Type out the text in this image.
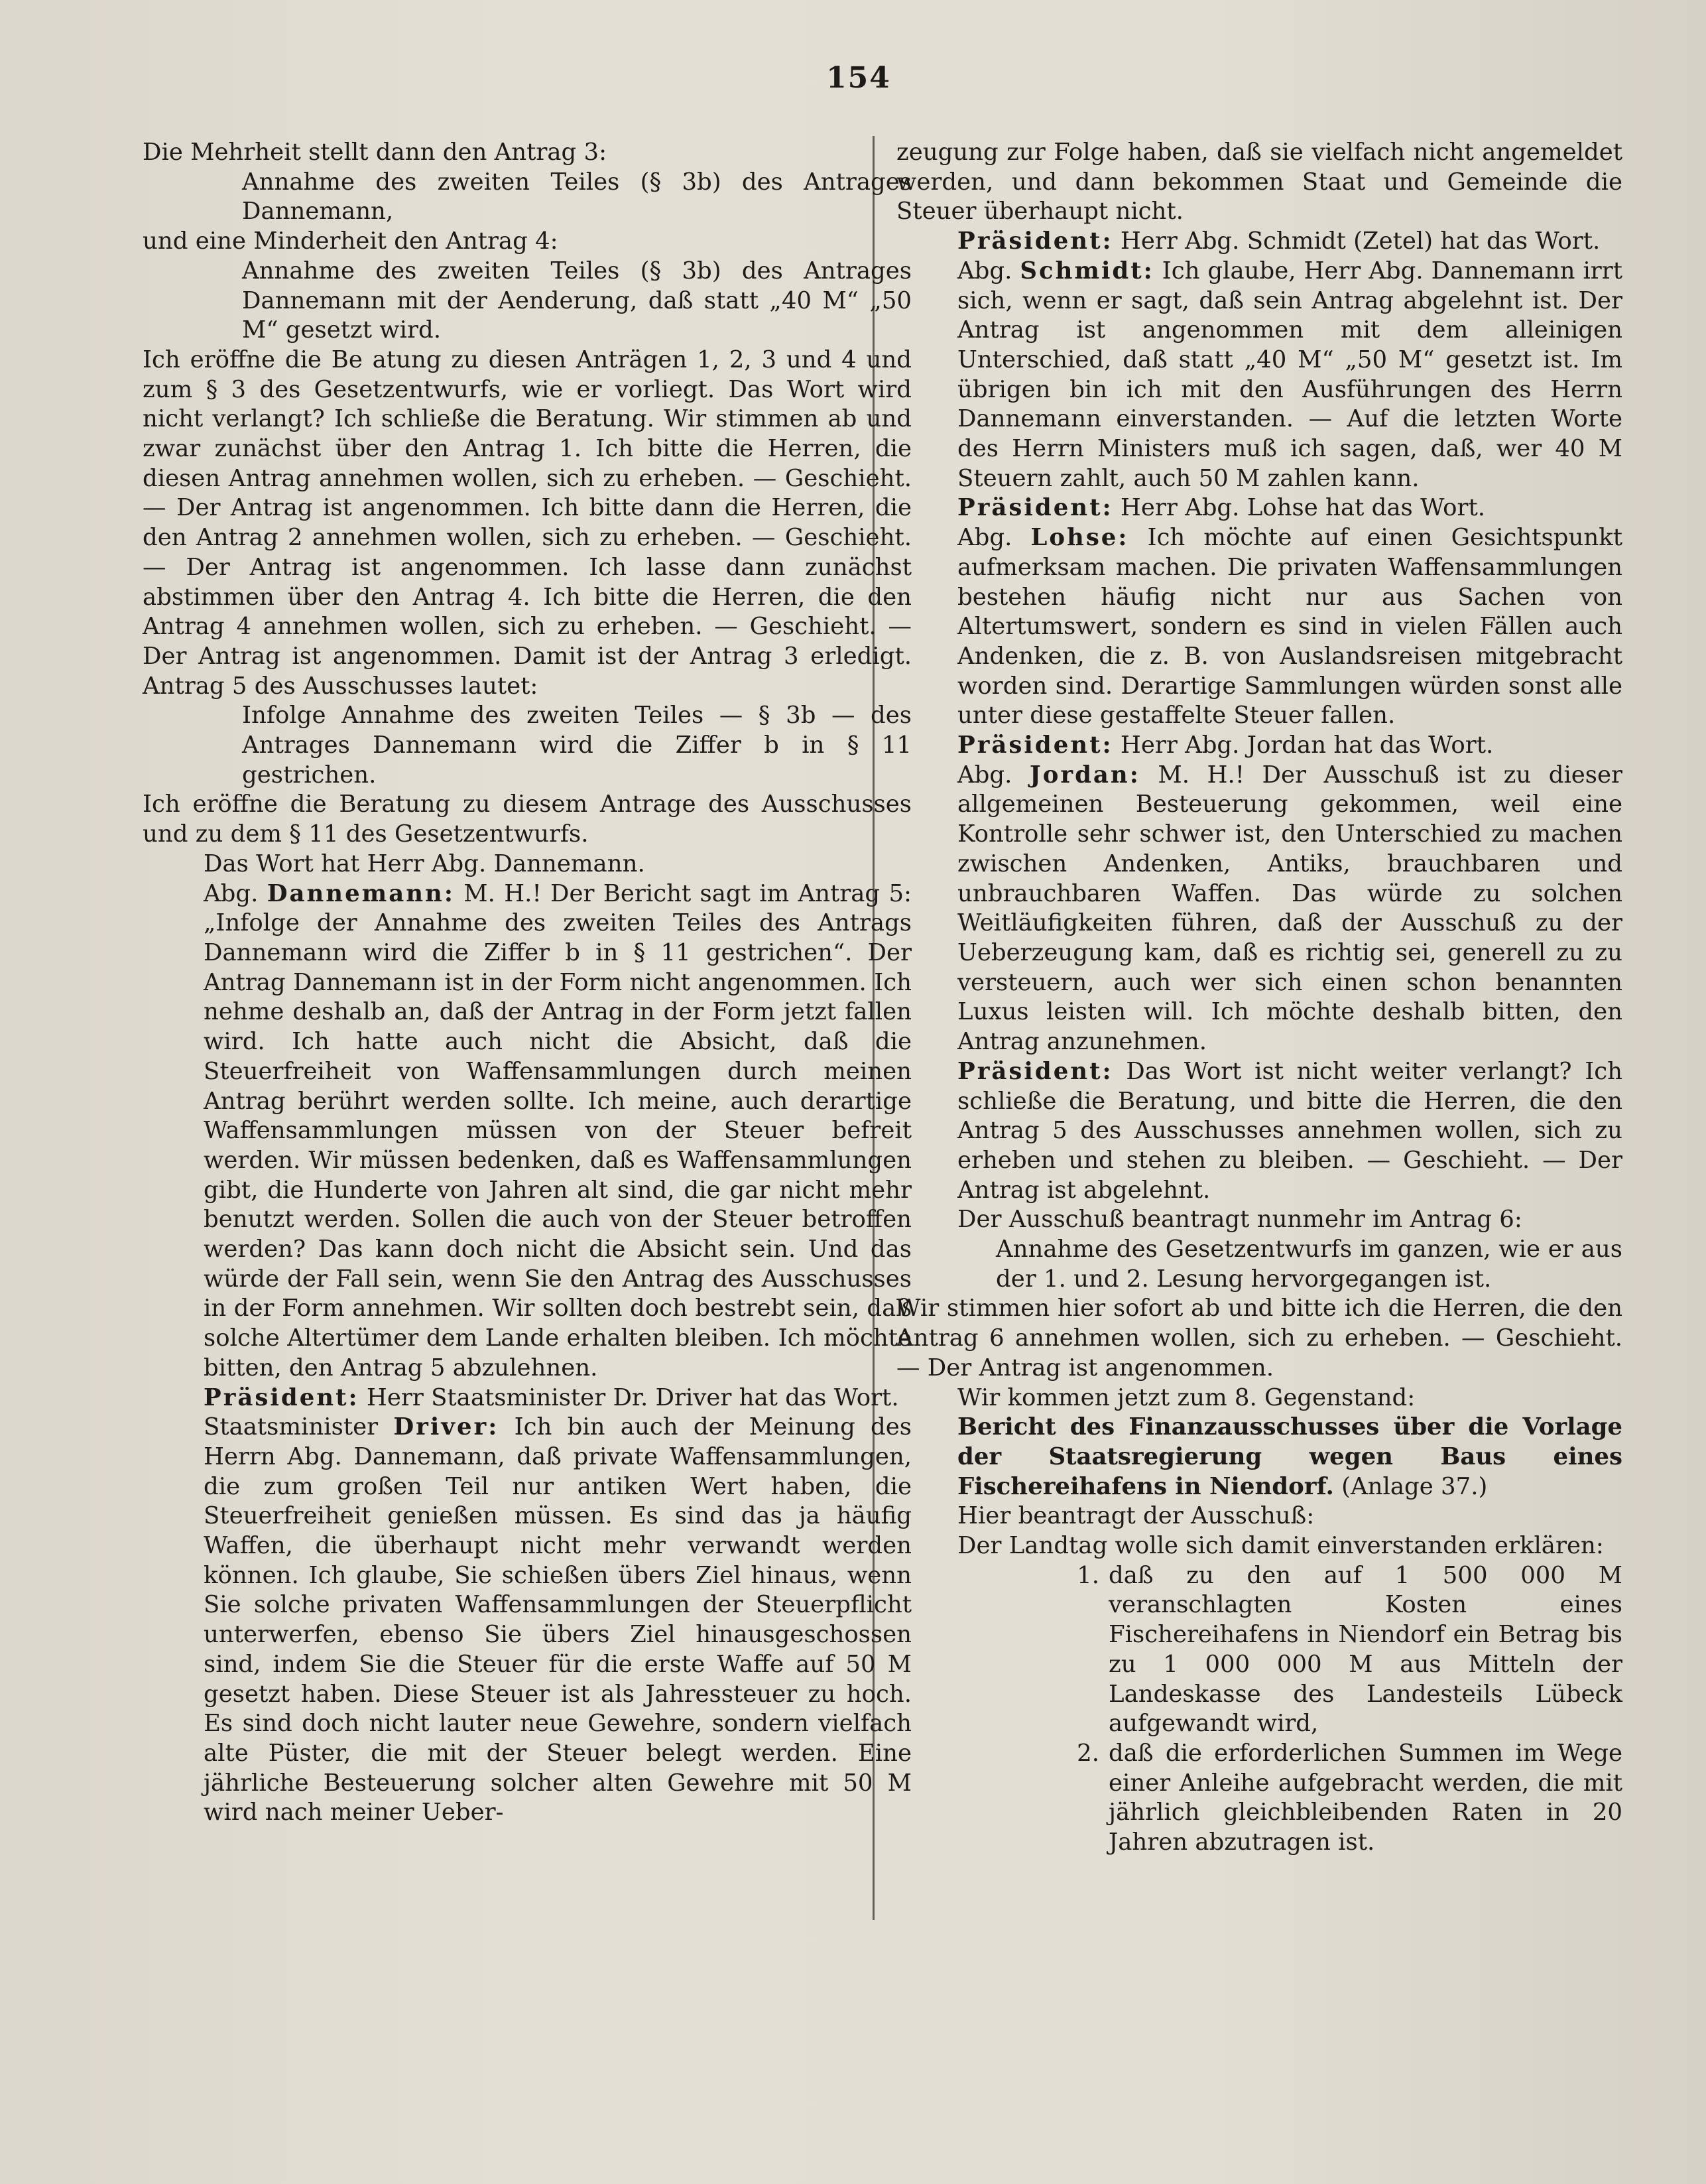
154

Die Mehrheit stellt dann den Antrag 3:

Annahme des zweiten Teiles (§ 3b) des Antrages Dannemann,

und eine Minderheit den Antrag 4:

Annahme des zweiten Teiles (§ 3b) des Antrages Dannemann mit der Aenderung, daß statt „40 M“ „50 M“ gesetzt wird.

Ich eröffne die Be atung zu diesen Anträgen 1, 2, 3 und 4 und zum § 3 des Gesetzentwurfs, wie er vorliegt. Das Wort wird nicht verlangt? Ich schließe die Beratung. Wir stimmen ab und zwar zunächst über den Antrag 1. Ich bitte die Herren, die diesen Antrag annehmen wollen, sich zu erheben. — Geschieht. — Der Antrag ist angenommen. Ich bitte dann die Herren, die den Antrag 2 annehmen wollen, sich zu erheben. — Geschieht. — Der Antrag ist angenommen. Ich lasse dann zunächst abstimmen über den Antrag 4. Ich bitte die Herren, die den Antrag 4 annehmen wollen, sich zu erheben. — Geschieht. — Der Antrag ist angenommen. Damit ist der Antrag 3 erledigt. Antrag 5 des Ausschusses lautet:

Infolge Annahme des zweiten Teiles — § 3b — des Antrages Dannemann wird die Ziffer b in § 11 gestrichen.

Ich eröffne die Beratung zu diesem Antrage des Ausschusses und zu dem § 11 des Gesetzentwurfs.

Das Wort hat Herr Abg. Dannemann.

Abg. Dannemann: M. H.! Der Bericht sagt im Antrag 5: „Infolge der Annahme des zweiten Teiles des Antrags Dannemann wird die Ziffer b in § 11 gestrichen“. Der Antrag Dannemann ist in der Form nicht angenommen. Ich nehme deshalb an, daß der Antrag in der Form jetzt fallen wird. Ich hatte auch nicht die Absicht, daß die Steuerfreiheit von Waffensammlungen durch meinen Antrag berührt werden sollte. Ich meine, auch derartige Waffensammlungen müssen von der Steuer befreit werden. Wir müssen bedenken, daß es Waffensammlungen gibt, die Hunderte von Jahren alt sind, die gar nicht mehr benutzt werden. Sollen die auch von der Steuer betroffen werden? Das kann doch nicht die Absicht sein. Und das würde der Fall sein, wenn Sie den Antrag des Ausschusses in der Form annehmen. Wir sollten doch bestrebt sein, daß solche Altertümer dem Lande erhalten bleiben. Ich möchte bitten, den Antrag 5 abzulehnen.

Präsident: Herr Staatsminister Dr. Driver hat das Wort.

Staatsminister Driver: Ich bin auch der Meinung des Herrn Abg. Dannemann, daß private Waffensammlungen, die zum großen Teil nur antiken Wert haben, die Steuerfreiheit genießen müssen. Es sind das ja häufig Waffen, die überhaupt nicht mehr verwandt werden können. Ich glaube, Sie schießen übers Ziel hinaus, wenn Sie solche privaten Waffensammlungen der Steuerpflicht unterwerfen, ebenso Sie übers Ziel hinausgeschossen sind, indem Sie die Steuer für die erste Waffe auf 50 M gesetzt haben. Diese Steuer ist als Jahressteuer zu hoch. Es sind doch nicht lauter neue Gewehre, sondern vielfach alte Püster, die mit der Steuer belegt werden. Eine jährliche Besteuerung solcher alten Gewehre mit 50 M wird nach meiner Ueber-

zeugung zur Folge haben, daß sie vielfach nicht angemeldet werden, und dann bekommen Staat und Gemeinde die Steuer überhaupt nicht.

Präsident: Herr Abg. Schmidt (Zetel) hat das Wort.

Abg. Schmidt: Ich glaube, Herr Abg. Dannemann irrt sich, wenn er sagt, daß sein Antrag abgelehnt ist. Der Antrag ist angenommen mit dem alleinigen Unterschied, daß statt „40 M“ „50 M“ gesetzt ist. Im übrigen bin ich mit den Ausführungen des Herrn Dannemann einverstanden. — Auf die letzten Worte des Herrn Ministers muß ich sagen, daß, wer 40 M Steuern zahlt, auch 50 M zahlen kann.

Präsident: Herr Abg. Lohse hat das Wort.

Abg. Lohse: Ich möchte auf einen Gesichtspunkt aufmerksam machen. Die privaten Waffensammlungen bestehen häufig nicht nur aus Sachen von Altertumswert, sondern es sind in vielen Fällen auch Andenken, die z. B. von Auslandsreisen mitgebracht worden sind. Derartige Sammlungen würden sonst alle unter diese gestaffelte Steuer fallen.

Präsident: Herr Abg. Jordan hat das Wort.

Abg. Jordan: M. H.! Der Ausschuß ist zu dieser allgemeinen Besteuerung gekommen, weil eine Kontrolle sehr schwer ist, den Unterschied zu machen zwischen Andenken, Antiks, brauchbaren und unbrauchbaren Waffen. Das würde zu solchen Weitläufigkeiten führen, daß der Ausschuß zu der Ueberzeugung kam, daß es richtig sei, generell zu zu versteuern, auch wer sich einen schon benannten Luxus leisten will. Ich möchte deshalb bitten, den Antrag anzunehmen.

Präsident: Das Wort ist nicht weiter verlangt? Ich schließe die Beratung, und bitte die Herren, die den Antrag 5 des Ausschusses annehmen wollen, sich zu erheben und stehen zu bleiben. — Geschieht. — Der Antrag ist abgelehnt.

Der Ausschuß beantragt nunmehr im Antrag 6:

Annahme des Gesetzentwurfs im ganzen, wie er aus der 1. und 2. Lesung hervorgegangen ist.

Wir stimmen hier sofort ab und bitte ich die Herren, die den Antrag 6 annehmen wollen, sich zu erheben. — Geschieht. — Der Antrag ist angenommen.

Wir kommen jetzt zum 8. Gegenstand:

Bericht des Finanzausschusses über die Vorlage der Staatsregierung wegen Baus eines Fischereihafens in Niendorf. (Anlage 37.)

Hier beantragt der Ausschuß:

Der Landtag wolle sich damit einverstanden erklären:

1. daß zu den auf 1 500 000 M veranschlagten Kosten eines Fischereihafens in Niendorf ein Betrag bis zu 1 000 000 M aus Mitteln der Landeskasse des Landesteils Lübeck aufgewandt wird,

2. daß die erforderlichen Summen im Wege einer Anleihe aufgebracht werden, die mit jährlich gleichbleibenden Raten in 20 Jahren abzutragen ist.
